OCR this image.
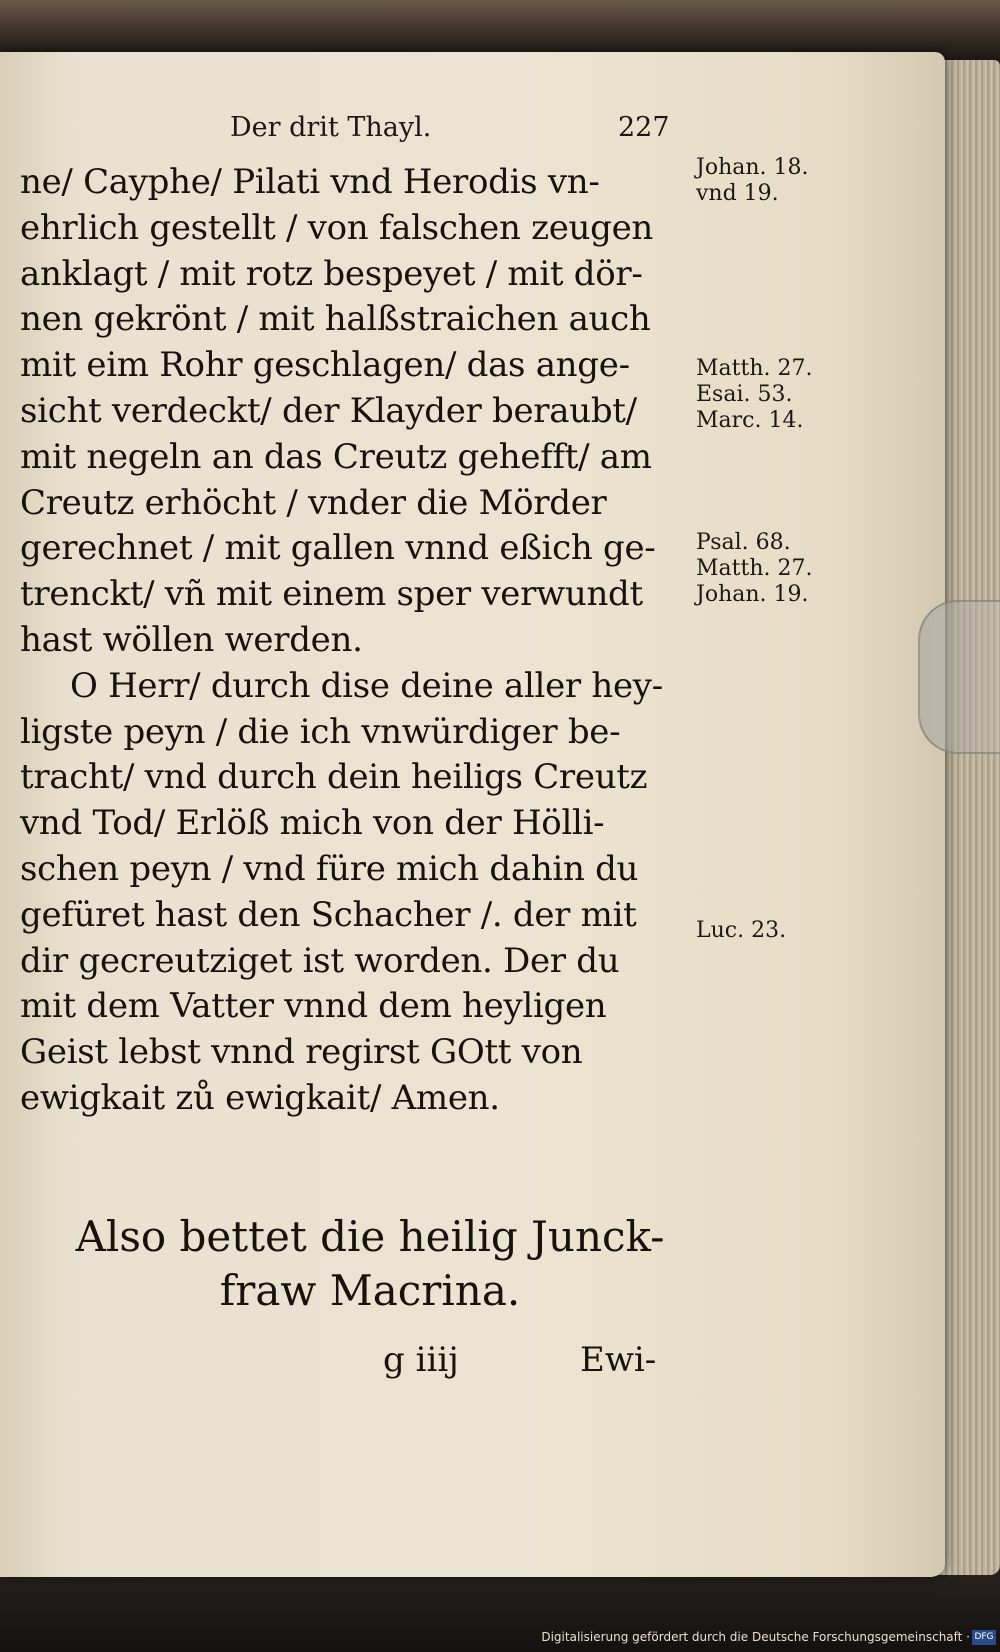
Der drit Thayl.	227
ne/ Cayphe/ Pilati vnd Herodis vn-
ehrlich gestellt / von falschen zeugen
anklagt / mit rotz bespeyet / mit dör-
nen gekrönt / mit halßstraichen auch
mit eim Rohr geschlagen/ das ange-
sicht verdeckt/ der Klayder beraubt/
mit negeln an das Creutz gehefft/ am
Creutz erhöcht / vnder die Mörder
gerechnet / mit gallen vnnd eßich ge-
trenckt/ vñ mit einem sper verwundt
hast wöllen werden.
O Herr/ durch dise deine aller hey-
ligste peyn / die ich vnwürdiger be-
tracht/ vnd durch dein heiligs Creutz
vnd Tod/ Erlöß mich von der Hölli-
schen peyn / vnd füre mich dahin du
gefüret hast den Schacher /. der mit
dir gecreutziget ist worden. Der du
mit dem Vatter vnnd dem heyligen
Geist lebst vnnd regirst GOtt von
ewigkait zů ewigkait/ Amen.
Johan. 18.
vnd 19.
Matth. 27.
Esai. 53.
Marc. 14.
Psal. 68.
Matth. 27.
Johan. 19.
Luc. 23.
Also bettet die heilig Junck-
fraw Macrina.
g iiij	Ewi-
Digitalisierung gefördert durch die Deutsche Forschungsgemeinschaft · DFG
